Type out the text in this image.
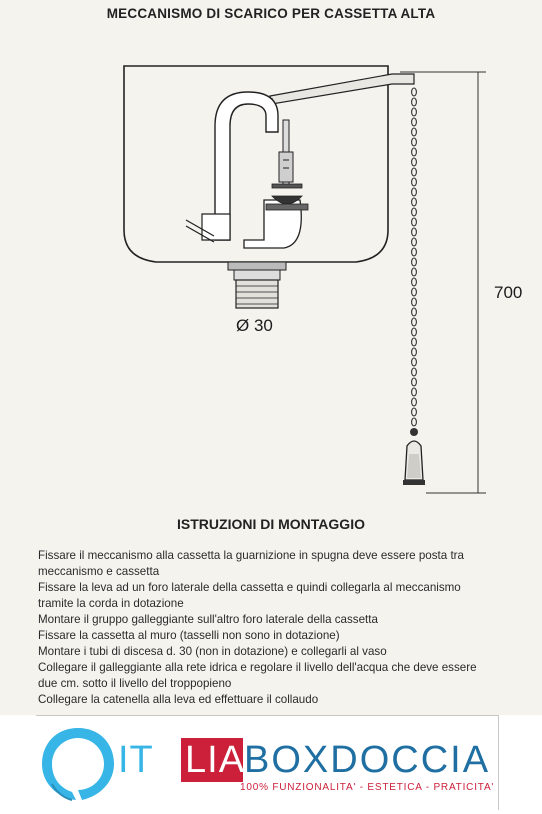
MECCANISMO DI SCARICO PER CASSETTA ALTA
Ø 30
700
ISTRUZIONI DI MONTAGGIO

Fissare il meccanismo alla cassetta la guarnizione in spugna deve essere posta tra

meccanismo e cassetta

Fissare la leva ad un foro laterale della cassetta e quindi collegarla al meccanismo

tramite la corda in dotazione

Montare il gruppo galleggiante sull'altro foro laterale della cassetta

Fissare la cassetta al muro (tasselli non sono in dotazione)

Montare i tubi di discesa d. 30 (non in dotazione) e collegarli al vaso

Collegare il galleggiante alla rete idrica e regolare il livello dell'acqua che deve essere

due cm. sotto il livello del troppopieno

Collegare la catenella alla leva ed effettuare il collaudo

IT LIA
BOXDOCCIA
100% FUNZIONALITA' - ESTETICA - PRATICITA'
